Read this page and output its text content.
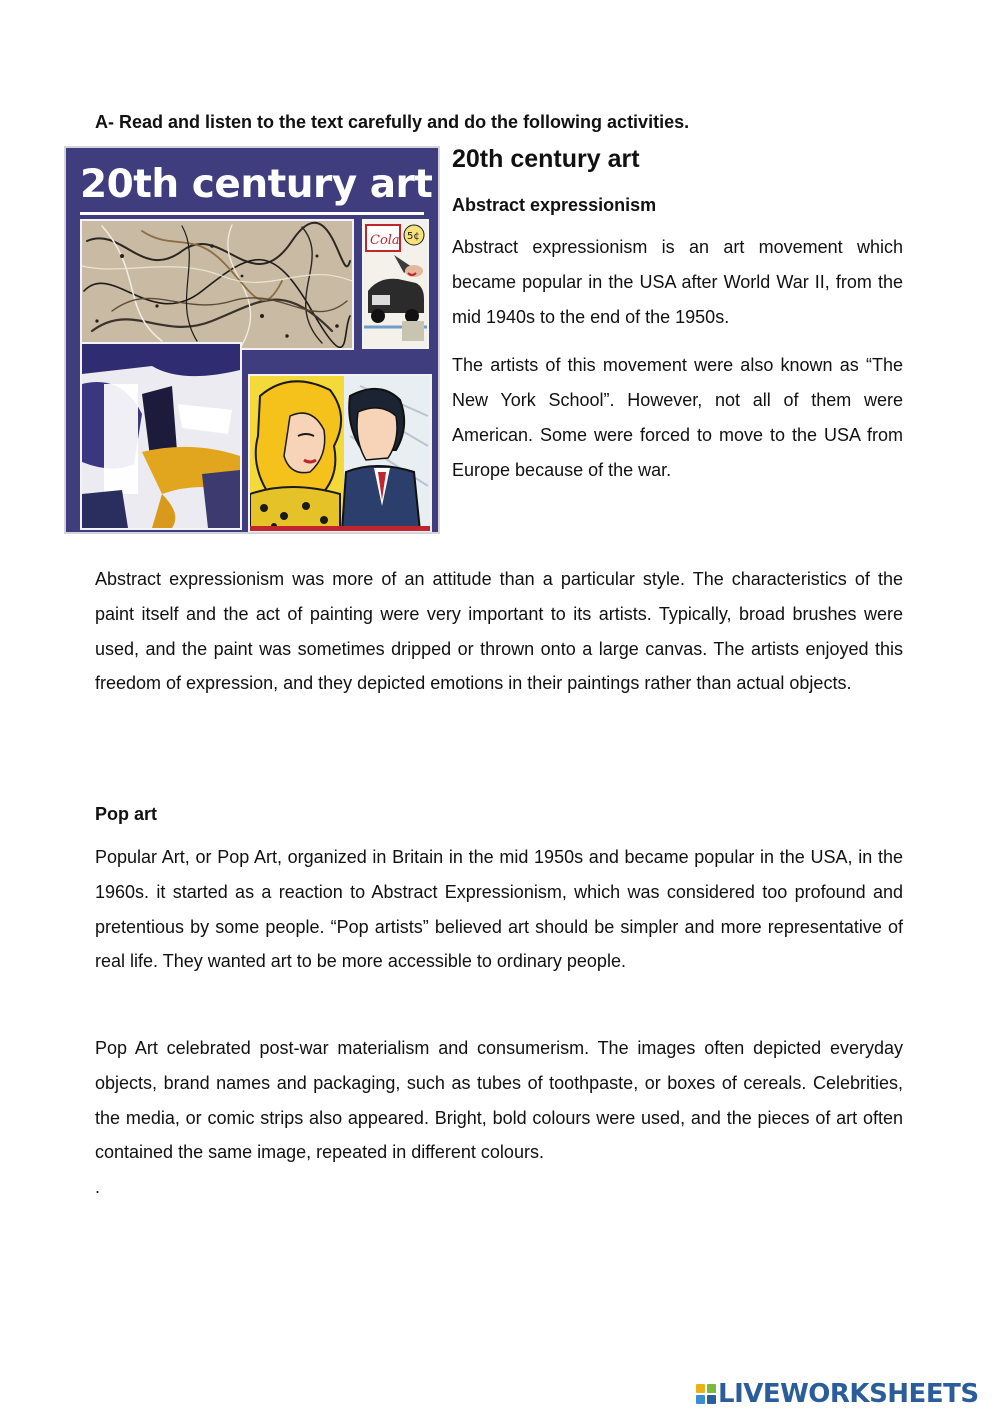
A- Read and listen to the text carefully and do the following activities.

20th century art
Cola 5¢
20th century art
Abstract expressionism

Abstract expressionism is an art movement which became popular in the USA after World War II, from the mid 1940s to the end of the 1950s.

The artists of this movement were also known as “The New York School”. However, not all of them were American. Some were forced to move to the USA from Europe because of the war.

Abstract expressionism was more of an attitude than a particular style. The characteristics of the paint itself and the act of painting were very important to its artists. Typically, broad brushes were used, and the paint was sometimes dripped or thrown onto a large canvas. The artists enjoyed this freedom of expression, and they depicted emotions in their paintings rather than actual objects.

Pop art

Popular Art, or Pop Art, organized in Britain in the mid 1950s and became popular in the USA, in the 1960s. it started as a reaction to Abstract Expressionism, which was considered too profound and pretentious by some people. “Pop artists” believed art should be simpler and more representative of real life. They wanted art to be more accessible to ordinary people.

Pop Art celebrated post-war materialism and consumerism. The images often depicted everyday objects, brand names and packaging, such as tubes of toothpaste, or boxes of cereals. Celebrities, the media, or comic strips also appeared. Bright, bold colours were used, and the pieces of art often contained the same image, repeated in different colours.

.
LIVEWORKSHEETS
